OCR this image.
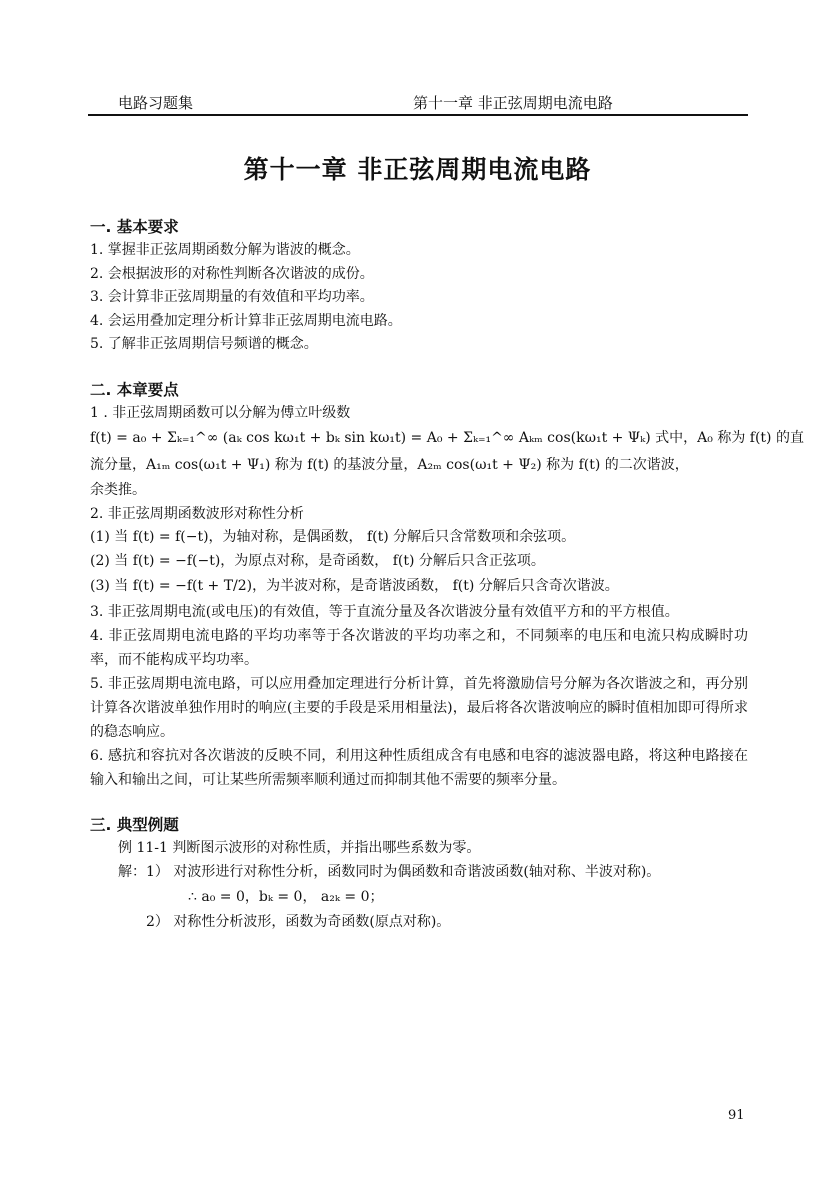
电路习题集	第十一章 非正弦周期电流电路
第十一章 非正弦周期电流电路
一. 基本要求
1. 掌握非正弦周期函数分解为谐波的概念。
2. 会根据波形的对称性判断各次谐波的成份。
3. 会计算非正弦周期量的有效值和平均功率。
4. 会运用叠加定理分析计算非正弦周期电流电路。
5. 了解非正弦周期信号频谱的概念。
二. 本章要点
1 . 非正弦周期函数可以分解为傅立叶级数
f(t) = a₀ + Σₖ₌₁^∞ (aₖ cos kω₁t + bₖ sin kω₁t) = A₀ + Σₖ₌₁^∞ Aₖₘ cos(kω₁t + Ψₖ) 式中，A₀ 称为 f(t) 的直
流分量，A₁ₘ cos(ω₁t + Ψ₁) 称为 f(t) 的基波分量，A₂ₘ cos(ω₁t + Ψ₂) 称为 f(t) 的二次谐波，
余类推。
2. 非正弦周期函数波形对称性分析
(1) 当 f(t) = f(−t)，为轴对称，是偶函数， f(t) 分解后只含常数项和余弦项。
(2) 当 f(t) = −f(−t)，为原点对称，是奇函数， f(t) 分解后只含正弦项。
(3) 当 f(t) = −f(t + T/2)，为半波对称，是奇谐波函数， f(t) 分解后只含奇次谐波。
3. 非正弦周期电流(或电压)的有效值，等于直流分量及各次谐波分量有效值平方和的平方根值。
4. 非正弦周期电流电路的平均功率等于各次谐波的平均功率之和，不同频率的电压和电流只构成瞬时功率，而不能构成平均功率。
5. 非正弦周期电流电路，可以应用叠加定理进行分析计算，首先将激励信号分解为各次谐波之和，再分别计算各次谐波单独作用时的响应(主要的手段是采用相量法)，最后将各次谐波响应的瞬时值相加即可得所求的稳态响应。
6. 感抗和容抗对各次谐波的反映不同，利用这种性质组成含有电感和电容的滤波器电路，将这种电路接在输入和输出之间，可让某些所需频率顺利通过而抑制其他不需要的频率分量。
三. 典型例题
例 11-1 判断图示波形的对称性质，并指出哪些系数为零。
解：1） 对波形进行对称性分析，函数同时为偶函数和奇谐波函数(轴对称、半波对称)。
∴ a₀ = 0，bₖ = 0， a₂ₖ = 0；
2） 对称性分析波形，函数为奇函数(原点对称)。
91
